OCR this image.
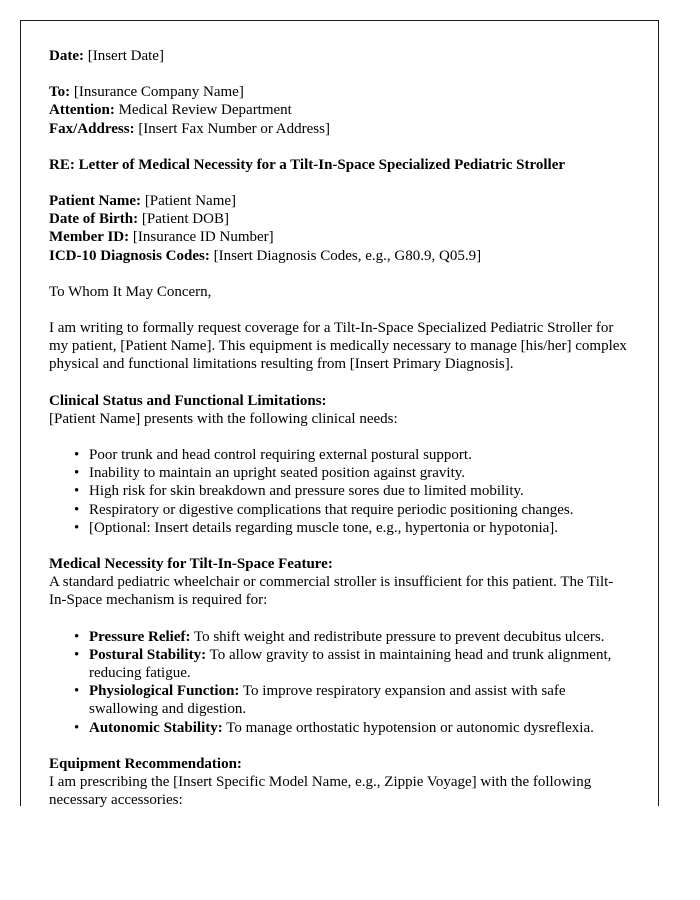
Date: [Insert Date]
To: [Insurance Company Name]
Attention: Medical Review Department
Fax/Address: [Insert Fax Number or Address]
RE: Letter of Medical Necessity for a Tilt-In-Space Specialized Pediatric Stroller
Patient Name: [Patient Name]
Date of Birth: [Patient DOB]
Member ID: [Insurance ID Number]
ICD-10 Diagnosis Codes: [Insert Diagnosis Codes, e.g., G80.9, Q05.9]
To Whom It May Concern,
I am writing to formally request coverage for a Tilt-In-Space Specialized Pediatric Stroller for my patient, [Patient Name]. This equipment is medically necessary to manage [his/her] complex physical and functional limitations resulting from [Insert Primary Diagnosis].
Clinical Status and Functional Limitations:
[Patient Name] presents with the following clinical needs:
• Poor trunk and head control requiring external postural support.
• Inability to maintain an upright seated position against gravity.
• High risk for skin breakdown and pressure sores due to limited mobility.
• Respiratory or digestive complications that require periodic positioning changes.
• [Optional: Insert details regarding muscle tone, e.g., hypertonia or hypotonia].
Medical Necessity for Tilt-In-Space Feature:
A standard pediatric wheelchair or commercial stroller is insufficient for this patient. The Tilt-In-Space mechanism is required for:
• Pressure Relief: To shift weight and redistribute pressure to prevent decubitus ulcers.
• Postural Stability: To allow gravity to assist in maintaining head and trunk alignment, reducing fatigue.
• Physiological Function: To improve respiratory expansion and assist with safe swallowing and digestion.
• Autonomic Stability: To manage orthostatic hypotension or autonomic dysreflexia.
Equipment Recommendation:
I am prescribing the [Insert Specific Model Name, e.g., Zippie Voyage] with the following necessary accessories:
